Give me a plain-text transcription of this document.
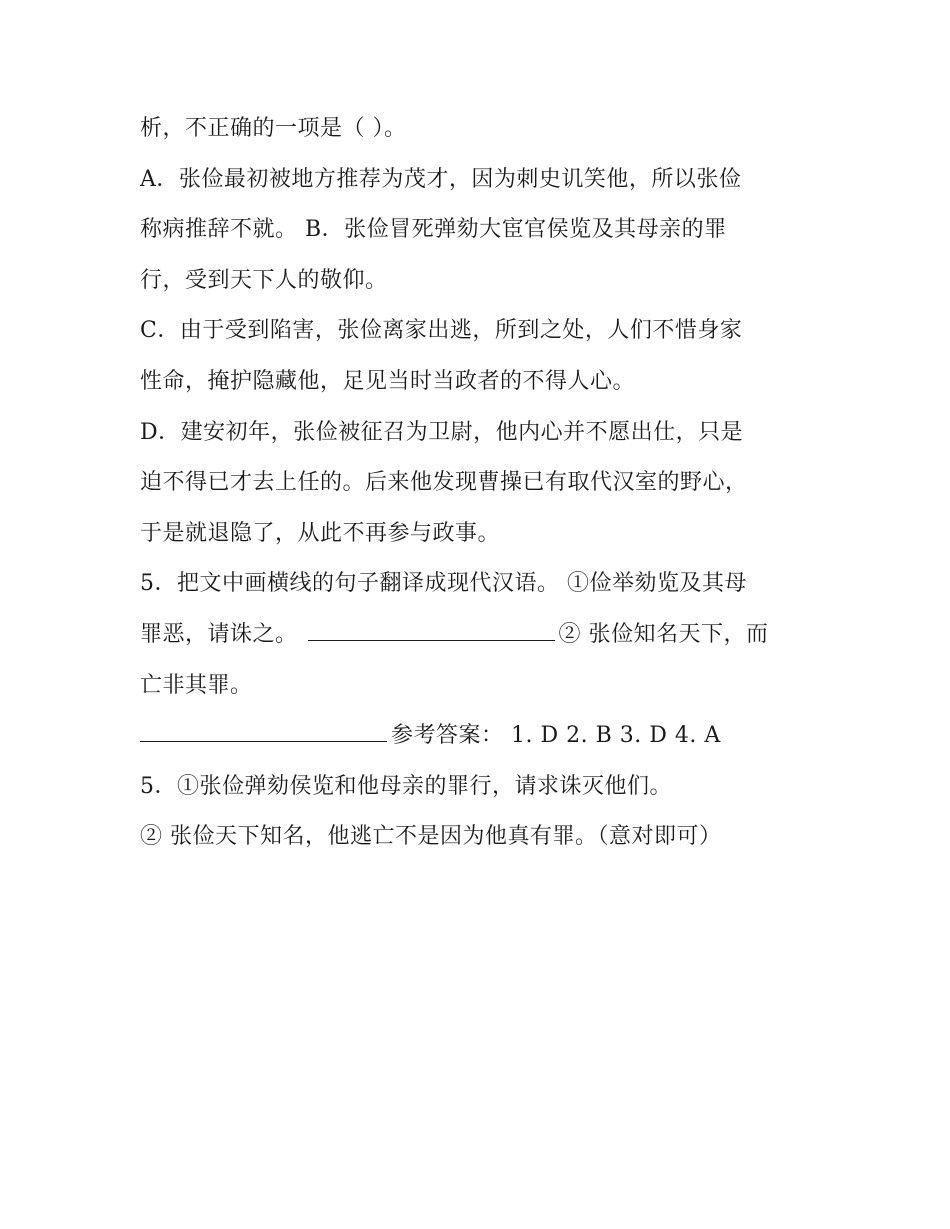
析，不正确的一项是（ ）。
A．张俭最初被地方推荐为茂才，因为刺史讥笑他，所以张俭
称病推辞不就。 B．张俭冒死弹劾大宦官侯览及其母亲的罪
行，受到天下人的敬仰。
C．由于受到陷害，张俭离家出逃，所到之处，人们不惜身家
性命，掩护隐藏他，足见当时当政者的不得人心。
D．建安初年，张俭被征召为卫尉，他内心并不愿出仕，只是
迫不得已才去上任的。后来他发现曹操已有取代汉室的野心，
于是就退隐了，从此不再参与政事。
5．把文中画横线的句子翻译成现代汉语。 ①俭举劾览及其母
罪恶，请诛之。	② 张俭知名天下，而
亡非其罪。
参考答案： 1. D 2. B 3. D 4. A
5．①张俭弹劾侯览和他母亲的罪行，请求诛灭他们。
② 张俭天下知名，他逃亡不是因为他真有罪。（意对即可）
